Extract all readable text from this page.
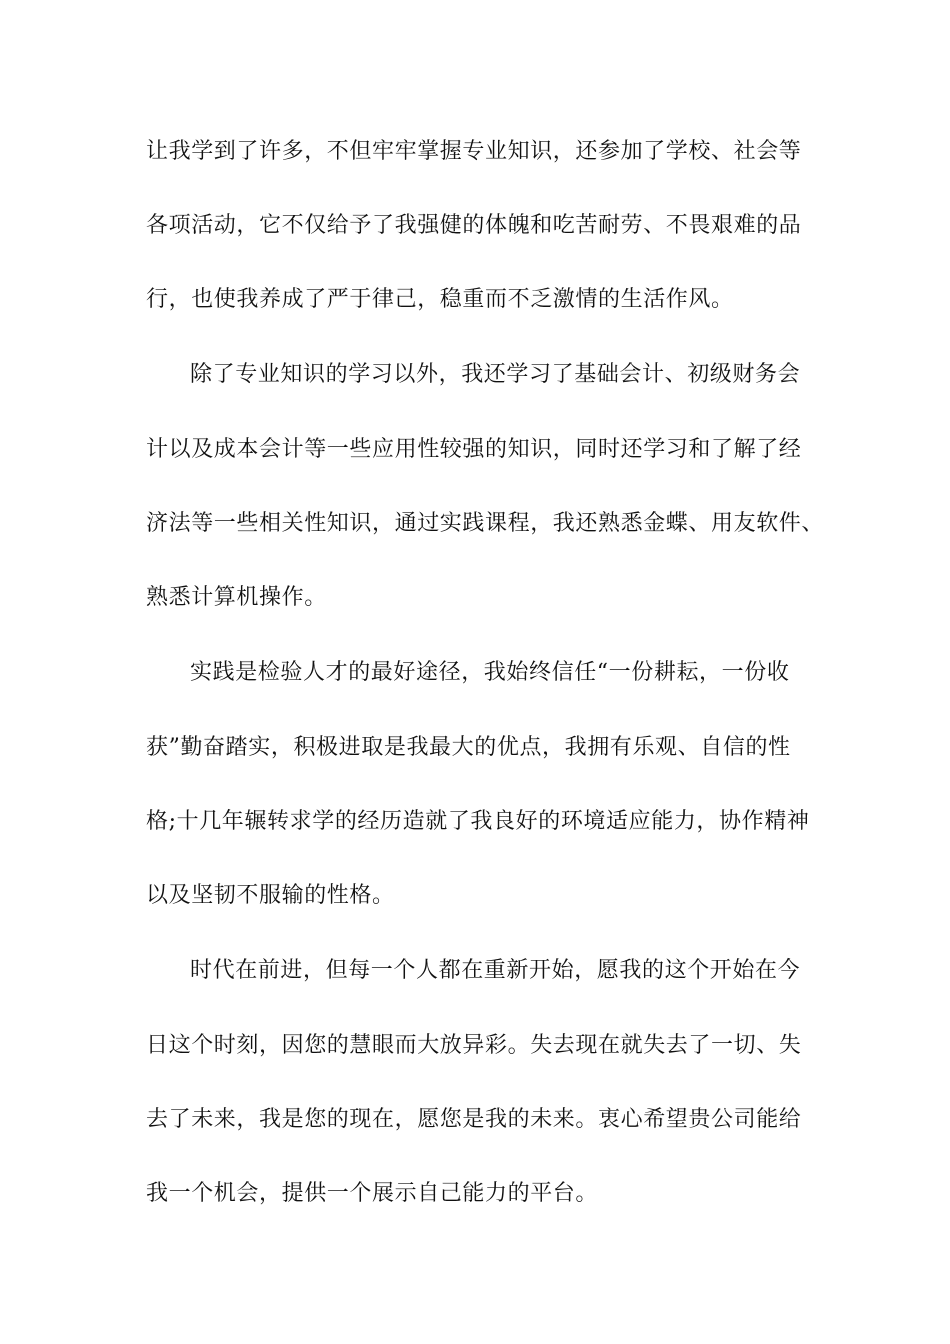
让我学到了许多，不但牢牢掌握专业知识，还参加了学校、社会等
各项活动，它不仅给予了我强健的体魄和吃苦耐劳、不畏艰难的品
行，也使我养成了严于律己，稳重而不乏激情的生活作风。
除了专业知识的学习以外，我还学习了基础会计、初级财务会
计以及成本会计等一些应用性较强的知识，同时还学习和了解了经
济法等一些相关性知识，通过实践课程，我还熟悉金蝶、用友软件、
熟悉计算机操作。
实践是检验人才的最好途径，我始终信任“一份耕耘，一份收
获”勤奋踏实，积极进取是我最大的优点，我拥有乐观、自信的性
格;十几年辗转求学的经历造就了我良好的环境适应能力，协作精神
以及坚韧不服输的性格。
时代在前进，但每一个人都在重新开始，愿我的这个开始在今
日这个时刻，因您的慧眼而大放异彩。失去现在就失去了一切、失
去了未来，我是您的现在，愿您是我的未来。衷心希望贵公司能给
我一个机会，提供一个展示自己能力的平台。
